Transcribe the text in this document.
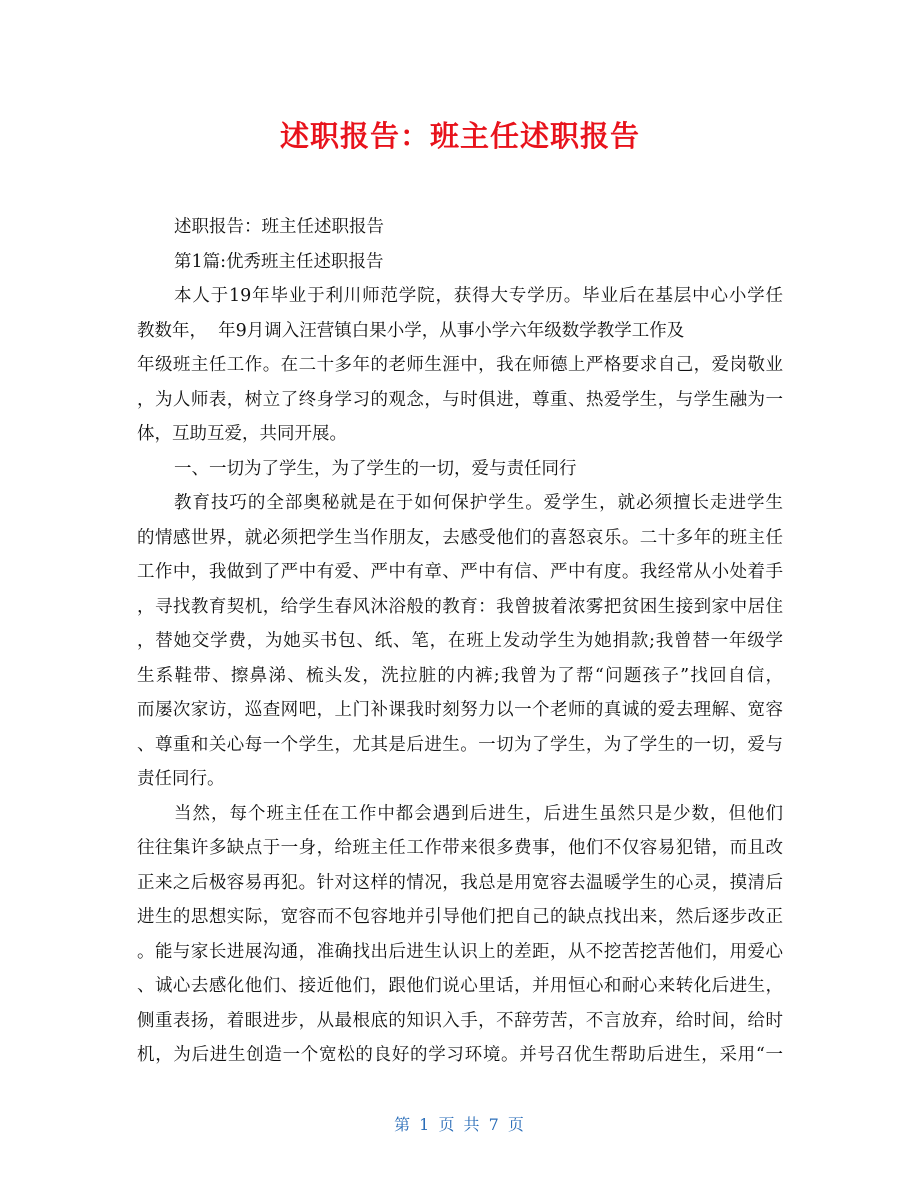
述职报告：班主任述职报告
述职报告：班主任述职报告
第1篇:优秀班主任述职报告
本人于19年毕业于利川师范学院，获得大专学历。毕业后在基层中心小学任
教数年，  年9月调入汪营镇白果小学，从事小学六年级数学教学工作及
年级班主任工作。在二十多年的老师生涯中，我在师德上严格要求自己，爱岗敬业
，为人师表，树立了终身学习的观念，与时俱进，尊重、热爱学生，与学生融为一
体，互助互爱，共同开展。
一、一切为了学生，为了学生的一切，爱与责任同行
教育技巧的全部奥秘就是在于如何保护学生。爱学生，就必须擅长走进学生
的情感世界，就必须把学生当作朋友，去感受他们的喜怒哀乐。二十多年的班主任
工作中，我做到了严中有爱、严中有章、严中有信、严中有度。我经常从小处着手
，寻找教育契机，给学生春风沐浴般的教育：我曾披着浓雾把贫困生接到家中居住
，替她交学费，为她买书包、纸、笔，在班上发动学生为她捐款;我曾替一年级学
生系鞋带、擦鼻涕、梳头发，洗拉脏的内裤;我曾为了帮“问题孩子”找回自信，
而屡次家访，巡查网吧，上门补课我时刻努力以一个老师的真诚的爱去理解、宽容
、尊重和关心每一个学生，尤其是后进生。一切为了学生，为了学生的一切，爱与
责任同行。
当然，每个班主任在工作中都会遇到后进生，后进生虽然只是少数，但他们
往往集许多缺点于一身，给班主任工作带来很多费事，他们不仅容易犯错，而且改
正来之后极容易再犯。针对这样的情况，我总是用宽容去温暖学生的心灵，摸清后
进生的思想实际，宽容而不包容地并引导他们把自己的缺点找出来，然后逐步改正
。能与家长进展沟通，准确找出后进生认识上的差距，从不挖苦挖苦他们，用爱心
、诚心去感化他们、接近他们，跟他们说心里话，并用恒心和耐心来转化后进生，
侧重表扬，着眼进步，从最根底的知识入手，不辞劳苦，不言放弃，给时间，给时
机，为后进生创造一个宽松的良好的学习环境。并号召优生帮助后进生，采用“一
第 1 页 共 7 页
